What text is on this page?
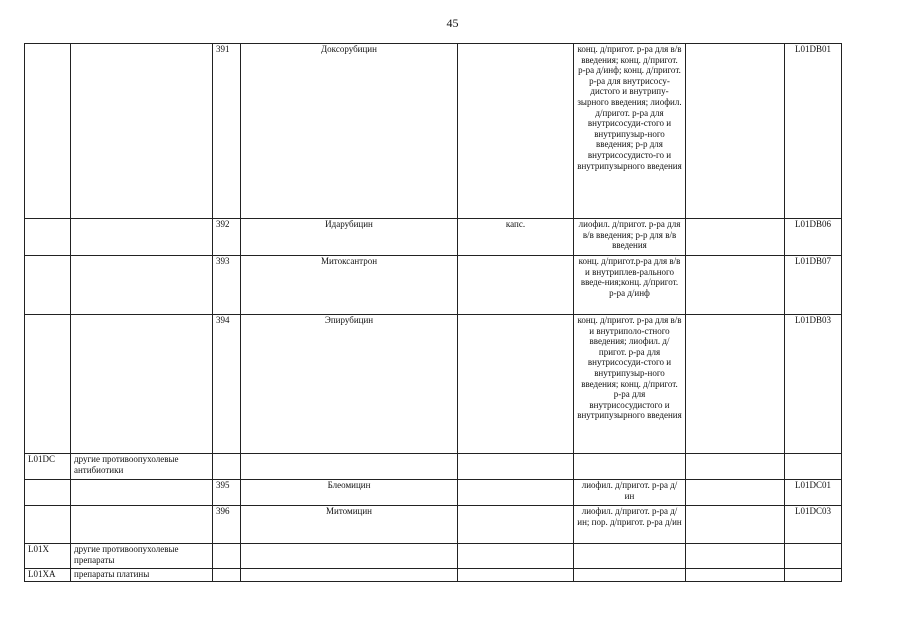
45
		391	Доксорубицин		конц. д/пригот. р-ра для в/в введения; конц. д/пригот. р-ра д/инф; конц. д/пригот. р-ра для внутрисосу-дистого и внутрипу-зырного введения; лиофил. д/пригот. р-ра для внутрисосуди-стого и внутрипузыр-ного введения; р-р для внутрисосудисто-го и внутрипузырного введения		L01DB01
		392	Идарубицин	капс.	лиофил. д/пригот. р-ра для в/в введения; р-р для в/в введения		L01DB06
		393	Митоксантрон		конц. д/пригот.р-ра для в/в и внутриплев-рального введе-ния;конц. д/пригот. р-ра д/инф		L01DB07
		394	Эпирубицин		конц. д/пригот. р-ра для в/в и внутриполо-стного введения; лиофил. д/пригот. р-ра для внутрисосуди-стого и внутрипузыр-ного введения; конц. д/пригот. р-ра для внутрисосудистого и внутрипузырного введения		L01DB03
L01DC	другие противоопухолевые антибиотики						
		395	Блеомицин		лиофил. д/пригот. р-ра д/ин		L01DC01
		396	Митомицин		лиофил. д/пригот. р-ра д/ин; пор. д/пригот. р-ра д/ин		L01DC03
L01X	другие противоопухолевые препараты						
L01XA	препараты платины						
